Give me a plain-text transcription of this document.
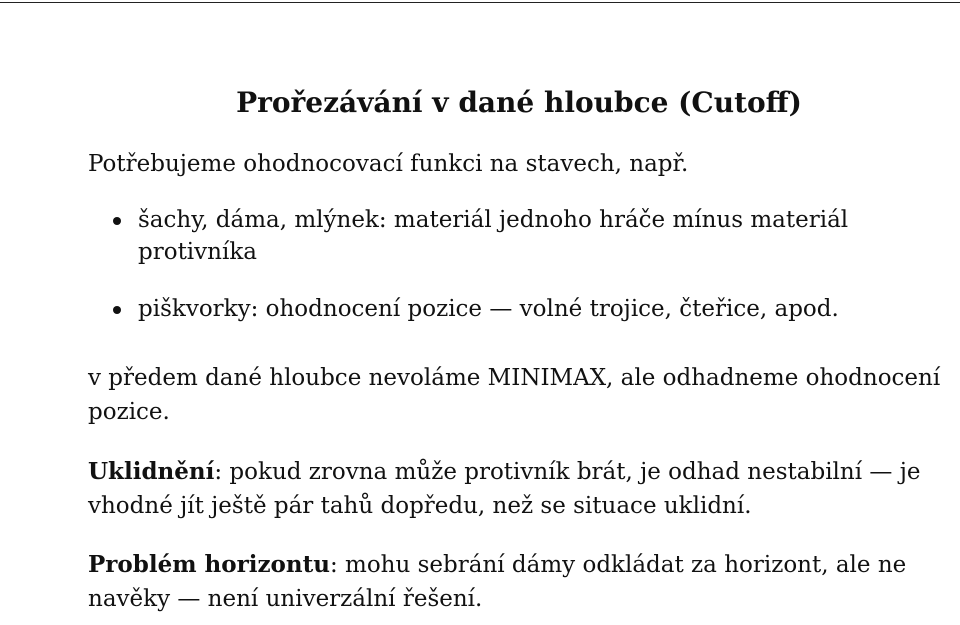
Prořezávání v dané hloubce (Cutoff)
Potřebujeme ohodnocovací funkci na stavech, např.
šachy, dáma, mlýnek: materiál jednoho hráče mínus materiál protivníka
piškvorky: ohodnocení pozice — volné trojice, čteřice, apod.
v předem dané hloubce nevoláme MINIMAX, ale odhadneme ohodnocení pozice.
Uklidnění: pokud zrovna může protivník brát, je odhad nestabilní — je vhodné jít ještě pár tahů dopředu, než se situace uklidní.
Problém horizontu: mohu sebrání dámy odkládat za horizont, ale ne navěky — není univerzální řešení.
